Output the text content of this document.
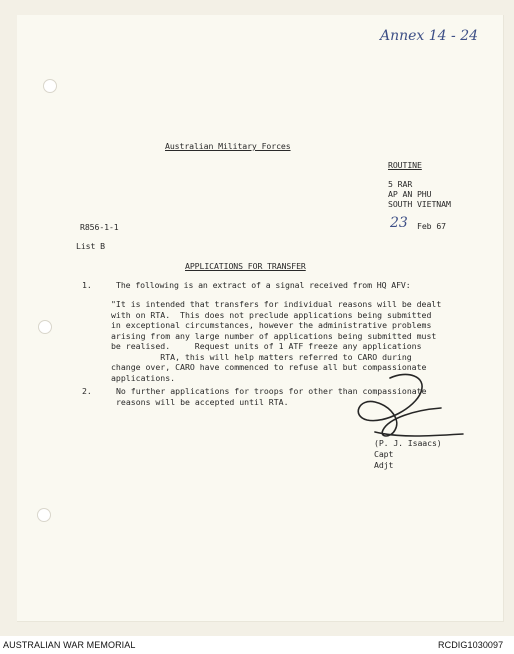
Annex 14 - 24
Australian Military Forces
ROUTINE
5 RAR
AP AN PHU
SOUTH VIETNAM
R856-1-1	23 Feb 67
List B
APPLICATIONS FOR TRANSFER
1.	The following is an extract of a signal received from HQ AFV:
"It is intended that transfers for individual reasons will be dealt
with on RTA.  This does not preclude applications being submitted
in exceptional circumstances, however the administrative problems
arising from any large number of applications being submitted must
be realised.     Request units of 1 ATF freeze any applications
RTA, this will help matters referred to CARO during
change over, CARO have commenced to refuse all but compassionate
applications.
2.	No further applications for troops for other than compassionate
reasons will be accepted until RTA.
(P. J. Isaacs)
Capt
Adjt
AUSTRALIAN WAR MEMORIAL	RCDIG1030097
